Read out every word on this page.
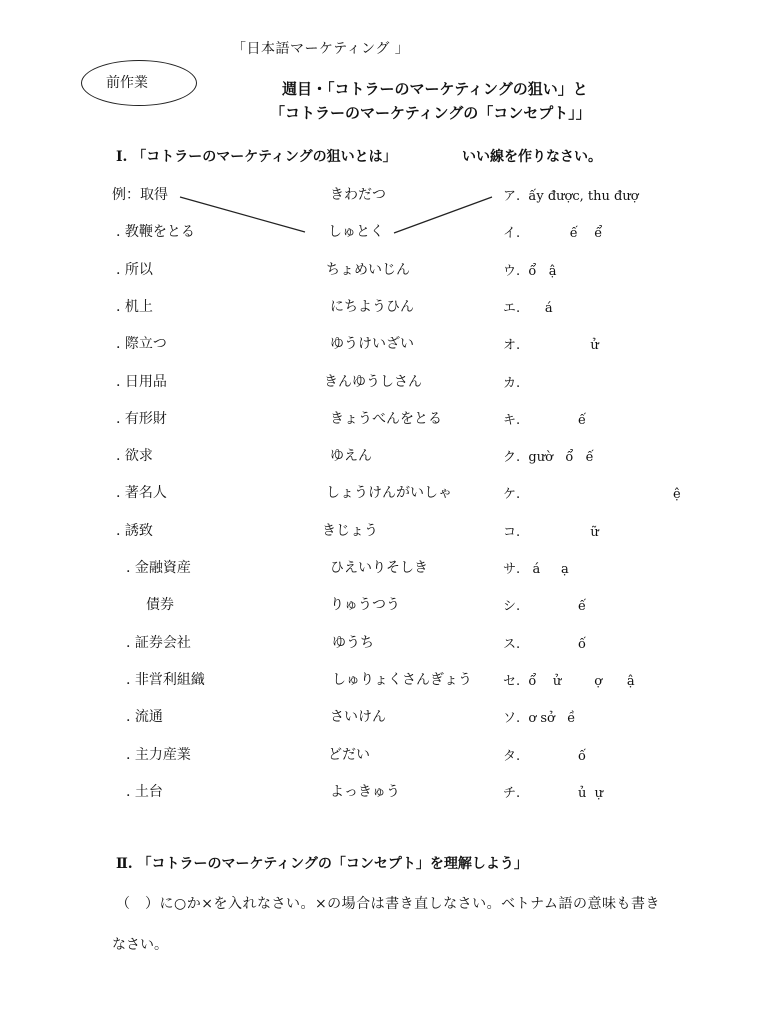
「日本語マーケティング 」
前作業	週目・「コトラーのマーケティングの狙い」と
「コトラーのマーケティングの「コンセプト」」
Ⅰ. 「コトラーのマーケティングの狙いとは」	いい線を作りなさい。
例：取得	きわだつ	ア.  ấy được, thu đượ
. 教鞭をとる	しゅとく	イ.            ế    ể
. 所以	ちょめいじん	ウ.  ổ   ậ
. 机上	にちようひん	エ.      á
. 際立つ	ゆうけいざい	オ.                 ử
. 日用品	きんゆうしさん	カ.
. 有形財	きょうべんをとる	キ.              ế
. 欲求	ゆえん	ク.  gườ   ổ   ế
. 著名人	しょうけんがいしゃ	ケ.                                     ệ
. 誘致	きじょう	コ.                 ữ
. 金融資産	ひえいりそしき	サ.   á     ạ
債券	りゅうつう	シ.              ế
. 証券会社	ゆうち	ス.              ố
. 非営利組織	しゅりょくさんぎょう セ.  ổ    ử        ợ      ậ
. 流通	さいけん	ソ.  ơ sở   ề
. 主力産業	どだい	タ.              ố
. 土台	よっきゅう	チ.              ủ  ự
Ⅱ. 「コトラーのマーケティングの「コンセプト」を理解しよう」
（　）に○か×を入れなさい。×の場合は書き直しなさい。ベトナム語の意味も書き
なさい。
